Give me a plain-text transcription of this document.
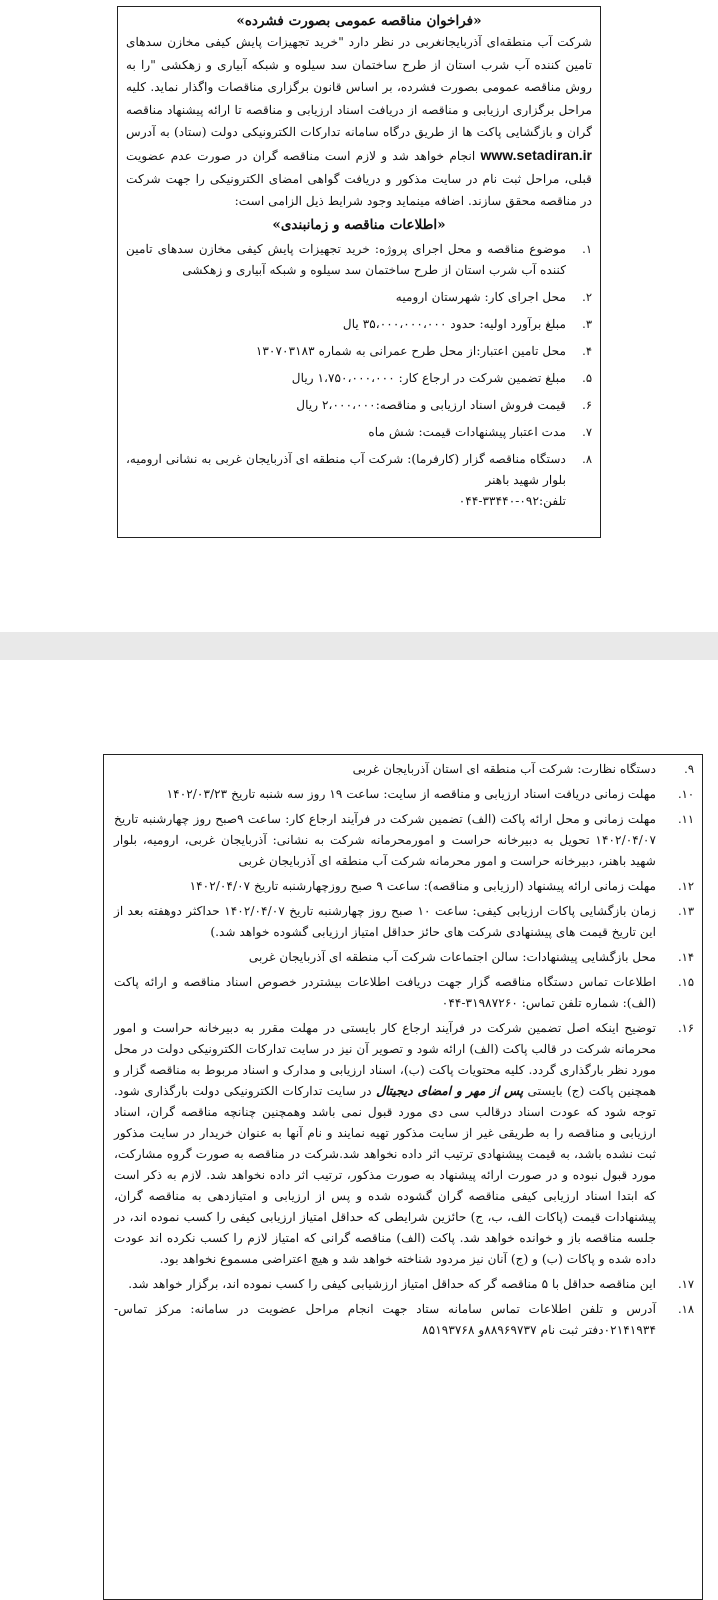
«فراخوان مناقصه عمومی بصورت فشرده»
شرکت آب منطقه‌ای آذربایجانغربی در نظر دارد "خرید تجهیزات پایش کیفی مخازن سدهای تامین کننده آب شرب استان از طرح ساختمان سد سیلوه و شبکه آبیاری و زهکشی "را به روش مناقصه عمومی بصورت فشرده، بر اساس قانون برگزاری مناقصات واگذار نماید. کلیه مراحل برگزاری ارزیابی و مناقصه از دریافت اسناد ارزیابی و مناقصه تا ارائه پیشنهاد مناقصه گران و بازگشایی پاکت ها از طریق درگاه سامانه تدارکات الکترونیکی دولت (ستاد) به آدرس www.setadiran.ir انجام خواهد شد و لازم است مناقصه گران در صورت عدم عضویت قبلی، مراحل ثبت نام در سایت مذکور و دریافت گواهی امضای الکترونیکی را جهت شرکت در مناقصه محقق سازند. اضافه مینماید وجود شرایط ذیل الزامی است:
«اطلاعات مناقصه و زمانبندی»
۱.
موضوع مناقصه و محل اجرای پروژه: خرید تجهیزات پایش کیفی مخازن سدهای تامین کننده آب شرب استان از طرح ساختمان سد سیلوه و شبکه آبیاری و زهکشی
۲.
محل اجرای کار: شهرستان ارومیه
۳.
مبلغ برآورد اولیه: حدود ۳۵،۰۰۰،۰۰۰،۰۰۰ یال
۴.
محل تامین اعتبار:از محل طرح عمرانی به شماره ۱۳۰۷۰۳۱۸۳
۵.
مبلغ تضمین شرکت در ارجاع کار: ۱،۷۵۰،۰۰۰،۰۰۰ ریال
۶.
قیمت فروش اسناد ارزیابی و مناقصه:۲،۰۰۰،۰۰۰ ریال
۷.
مدت اعتبار پیشنهادات قیمت: شش ماه
۸.
دستگاه مناقصه گزار (کارفرما): شرکت آب منطقه ای آذربایجان غربی به نشانی ارومیه، بلوار شهید باهنر
تلفن:۰۹۲-۳۳۴۴۰-۰۴۴
۹.
دستگاه نظارت: شرکت آب منطقه ای استان آذربایجان غربی
۱۰.
مهلت زمانی دریافت اسناد ارزیابی و مناقصه از سایت: ساعت ۱۹ روز سه شنبه تاریخ ۱۴۰۲/۰۳/۲۳
۱۱.
مهلت زمانی و محل ارائه پاکت (الف) تضمین شرکت در فرآیند ارجاع کار: ساعت ۹صبح روز چهارشنبه تاریخ ۱۴۰۲/۰۴/۰۷ تحویل به دبیرخانه حراست و امورمحرمانه شرکت به نشانی: آذربایجان غربی، ارومیه، بلوار شهید باهنر، دبیرخانه حراست و امور محرمانه شرکت آب منطقه ای آذربایجان غربی
۱۲.
مهلت زمانی ارائه پیشنهاد (ارزیابی و مناقصه): ساعت ۹ صبح روزچهارشنبه تاریخ ۱۴۰۲/۰۴/۰۷
۱۳.
زمان بازگشایی پاکات ارزیابی کیفی: ساعت ۱۰ صبح روز چهارشنبه تاریخ ۱۴۰۲/۰۴/۰۷ حداکثر دوهفته بعد از این تاریخ قیمت های پیشنهادی شرکت های حائز حداقل امتیاز ارزیابی گشوده خواهد شد.)
۱۴.
محل بازگشایی پیشنهادات: سالن اجتماعات شرکت آب منطقه ای آذربایجان غربی
۱۵.
اطلاعات تماس دستگاه مناقصه گزار جهت دریافت اطلاعات بیشتردر خصوص اسناد مناقصه و ارائه پاکت (الف): شماره تلفن تماس: ۳۱۹۸۷۲۶۰-۰۴۴
۱۶.
توضیح اینکه اصل تضمین شرکت در فرآیند ارجاع کار بایستی در مهلت مقرر به دبیرخانه حراست و امور محرمانه شرکت در قالب پاکت (الف) ارائه شود و تصویر آن نیز در سایت تدارکات الکترونیکی دولت در محل مورد نظر بارگذاری گردد. کلیه محتویات پاکت (ب)، اسناد ارزیابی و مدارک و اسناد مربوط به مناقصه گزار و همچنین پاکت (ج) بایستی پس از مهر و امضای دیجیتال در سایت تدارکات الکترونیکی دولت بارگذاری شود. توجه شود که عودت اسناد درقالب سی دی مورد قبول نمی باشد وهمچنین چنانچه مناقصه گران، اسناد ارزیابی و مناقصه را به طریقی غیر از سایت مذکور تهیه نمایند و نام آنها به عنوان خریدار در سایت مذکور ثبت نشده باشد، به قیمت پیشنهادی ترتیب اثر داده نخواهد شد.شرکت در مناقصه به صورت گروه مشارکت، مورد قبول نبوده و در صورت ارائه پیشنهاد به صورت مذکور، ترتیب اثر داده نخواهد شد. لازم به ذکر است که ابتدا اسناد ارزیابی کیفی مناقصه گران گشوده شده و پس از ارزیابی و امتیازدهی به مناقصه گران، پیشنهادات قیمت (پاکات الف، ب، ج) حائزین شرایطی که حداقل امتیاز ارزیابی کیفی را کسب نموده اند، در جلسه مناقصه باز و خوانده خواهد شد. پاکت (الف) مناقصه گرانی که امتیاز لازم را کسب نکرده اند عودت داده شده و پاکات (ب) و (ج) آنان نیز مردود شناخته خواهد شد و هیچ اعتراضی مسموع نخواهد بود.
۱۷.
این مناقصه حداقل با ۵ مناقصه گر که حداقل امتیاز ارزشیابی کیفی را کسب نموده اند، برگزار خواهد شد.
۱۸.
آدرس و تلفن اطلاعات تماس سامانه ستاد جهت انجام مراحل عضویت در سامانه: مرکز تماس- ۰۲۱۴۱۹۳۴دفتر ثبت نام ۸۸۹۶۹۷۳۷و ۸۵۱۹۳۷۶۸
